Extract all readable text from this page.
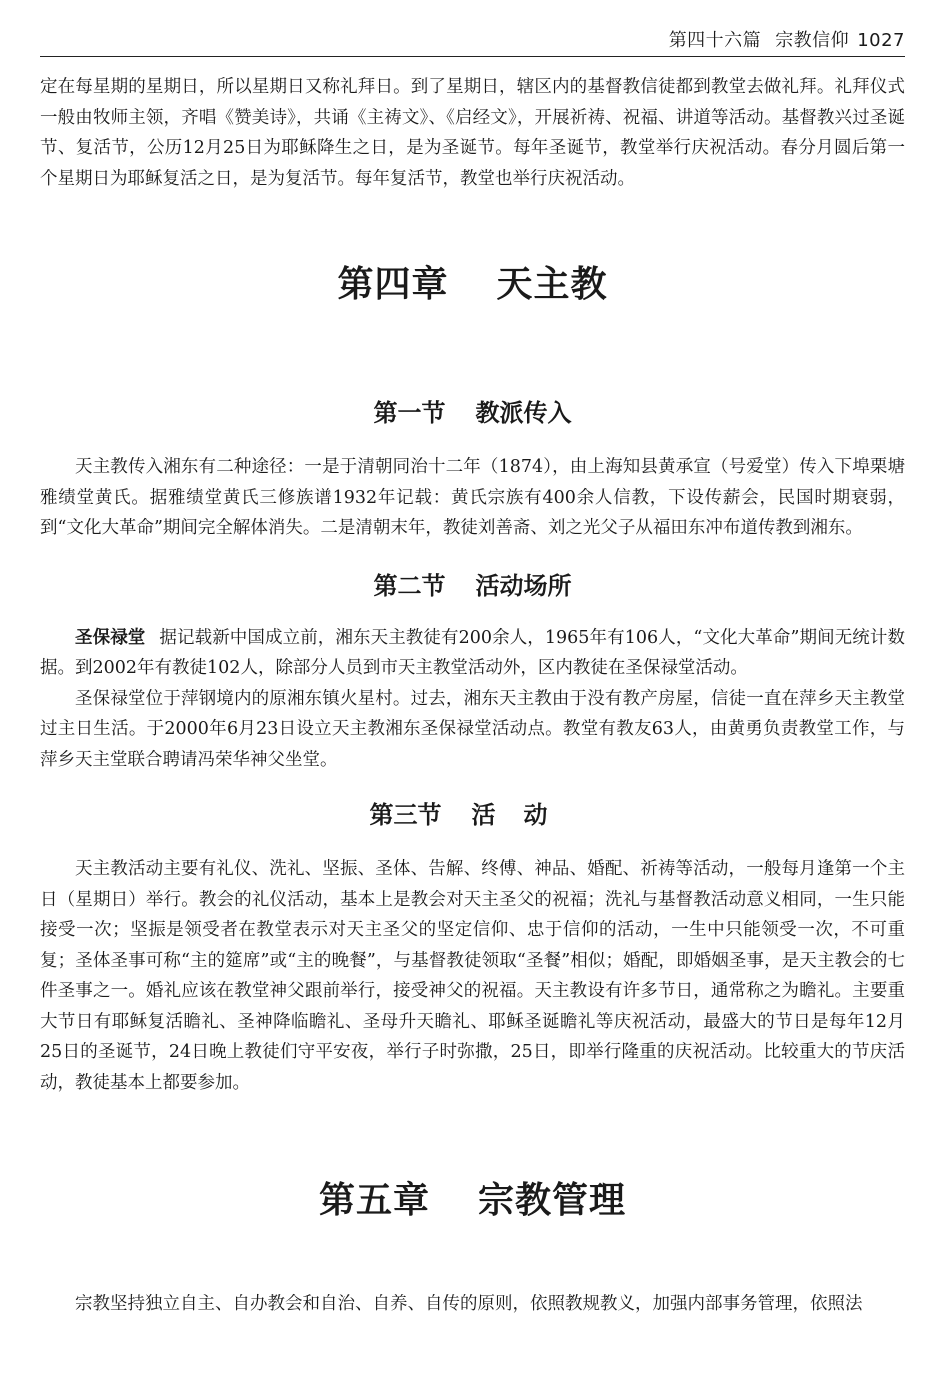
第四十六篇 宗教信仰 1027

定在每星期的星期日，所以星期日又称礼拜日。到了星期日，辖区内的基督教信徒都到教堂去做礼拜。礼拜仪式一般由牧师主领，齐唱《赞美诗》，共诵《主祷文》、《启经文》，开展祈祷、祝福、讲道等活动。基督教兴过圣诞节、复活节，公历12月25日为耶稣降生之日，是为圣诞节。每年圣诞节，教堂举行庆祝活动。春分月圆后第一个星期日为耶稣复活之日，是为复活节。每年复活节，教堂也举行庆祝活动。

第四章 天主教
第一节 教派传入

天主教传入湘东有二种途径：一是于清朝同治十二年（1874），由上海知县黄承宣（号爱堂）传入下埠栗塘雅绩堂黄氏。据雅绩堂黄氏三修族谱1932年记载：黄氏宗族有400余人信教，下设传薪会，民国时期衰弱，到“文化大革命”期间完全解体消失。二是清朝末年，教徒刘善斋、刘之光父子从福田东冲布道传教到湘东。

第二节 活动场所

圣保禄堂 据记载新中国成立前，湘东天主教徒有200余人，1965年有106人，“文化大革命”期间无统计数据。到2002年有教徒102人，除部分人员到市天主教堂活动外，区内教徒在圣保禄堂活动。

圣保禄堂位于萍钢境内的原湘东镇火星村。过去，湘东天主教由于没有教产房屋，信徒一直在萍乡天主教堂过主日生活。于2000年6月23日设立天主教湘东圣保禄堂活动点。教堂有教友63人，由黄勇负责教堂工作，与萍乡天主堂联合聘请冯荣华神父坐堂。

第三节 活动

天主教活动主要有礼仪、洗礼、坚振、圣体、告解、终傅、神品、婚配、祈祷等活动，一般每月逢第一个主日（星期日）举行。教会的礼仪活动，基本上是教会对天主圣父的祝福；洗礼与基督教活动意义相同，一生只能接受一次；坚振是领受者在教堂表示对天主圣父的坚定信仰、忠于信仰的活动，一生中只能领受一次，不可重复；圣体圣事可称“主的筵席”或“主的晚餐”，与基督教徒领取“圣餐”相似；婚配，即婚姻圣事，是天主教会的七件圣事之一。婚礼应该在教堂神父跟前举行，接受神父的祝福。天主教设有许多节日，通常称之为瞻礼。主要重大节日有耶稣复活瞻礼、圣神降临瞻礼、圣母升天瞻礼、耶稣圣诞瞻礼等庆祝活动，最盛大的节日是每年12月25日的圣诞节，24日晚上教徒们守平安夜，举行子时弥撒，25日，即举行隆重的庆祝活动。比较重大的节庆活动，教徒基本上都要参加。

第五章 宗教管理

宗教坚持独立自主、自办教会和自治、自养、自传的原则，依照教规教义，加强内部事务管理，依照法
